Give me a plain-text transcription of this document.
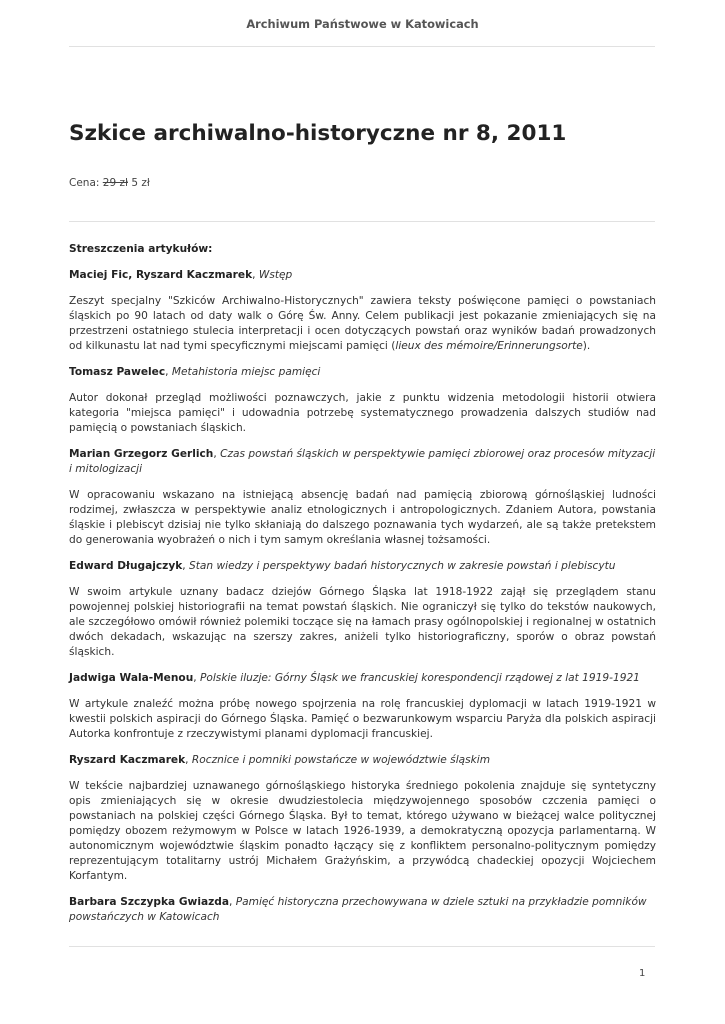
Archiwum Państwowe w Katowicach
Szkice archiwalno-historyczne nr 8, 2011
Cena: 29 zł 5 zł

Streszczenia artykułów:

Maciej Fic, Ryszard Kaczmarek, Wstęp

Zeszyt specjalny "Szkiców Archiwalno-Historycznych" zawiera teksty poświęcone pamięci o powstaniach śląskich po 90 latach od daty walk o Górę Św. Anny. Celem publikacji jest pokazanie zmieniających się na przestrzeni ostatniego stulecia interpretacji i ocen dotyczących powstań oraz wyników badań prowadzonych od kilkunastu lat nad tymi specyficznymi miejscami pamięci (lieux des mémoire/Erinnerungsorte).

Tomasz Pawelec, Metahistoria miejsc pamięci

Autor dokonał przegląd możliwości poznawczych, jakie z punktu widzenia metodologii historii otwiera kategoria "miejsca pamięci" i udowadnia potrzebę systematycznego prowadzenia dalszych studiów nad pamięcią o powstaniach śląskich.

Marian Grzegorz Gerlich, Czas powstań śląskich w perspektywie pamięci zbiorowej oraz procesów mityzacji i mitologizacji

W opracowaniu wskazano na istniejącą absencję badań nad pamięcią zbiorową górnośląskiej ludności rodzimej, zwłaszcza w perspektywie analiz etnologicznych i antropologicznych. Zdaniem Autora, powstania śląskie i plebiscyt dzisiaj nie tylko skłaniają do dalszego poznawania tych wydarzeń, ale są także pretekstem do generowania wyobrażeń o nich i tym samym określania własnej tożsamości.

Edward Długajczyk, Stan wiedzy i perspektywy badań historycznych w zakresie powstań i plebiscytu

W swoim artykule uznany badacz dziejów Górnego Śląska lat 1918-1922 zajął się przeglądem stanu powojennej polskiej historiografii na temat powstań śląskich. Nie ograniczył się tylko do tekstów naukowych, ale szczegółowo omówił również polemiki toczące się na łamach prasy ogólnopolskiej i regionalnej w ostatnich dwóch dekadach, wskazując na szerszy zakres, aniżeli tylko historiograficzny, sporów o obraz powstań śląskich.

Jadwiga Wala-Menou, Polskie iluzje: Górny Śląsk we francuskiej korespondencji rządowej z lat 1919-1921

W artykule znaleźć można próbę nowego spojrzenia na rolę francuskiej dyplomacji w latach 1919-1921 w kwestii polskich aspiracji do Górnego Śląska. Pamięć o bezwarunkowym wsparciu Paryża dla polskich aspiracji Autorka konfrontuje z rzeczywistymi planami dyplomacji francuskiej.

Ryszard Kaczmarek, Rocznice i pomniki powstańcze w województwie śląskim

W tekście najbardziej uznawanego górnośląskiego historyka średniego pokolenia znajduje się syntetyczny opis zmieniających się w okresie dwudziestolecia międzywojennego sposobów czczenia pamięci o powstaniach na polskiej części Górnego Śląska. Był to temat, którego używano w bieżącej walce politycznej pomiędzy obozem reżymowym w Polsce w latach 1926-1939, a demokratyczną opozycja parlamentarną. W autonomicznym województwie śląskim ponadto łączący się z konfliktem personalno-politycznym pomiędzy reprezentującym totalitarny ustrój Michałem Grażyńskim, a przywódcą chadeckiej opozycji Wojciechem Korfantym.

Barbara Szczypka Gwiazda, Pamięć historyczna przechowywana w dziele sztuki na przykładzie pomników powstańczych w Katowicach

1
